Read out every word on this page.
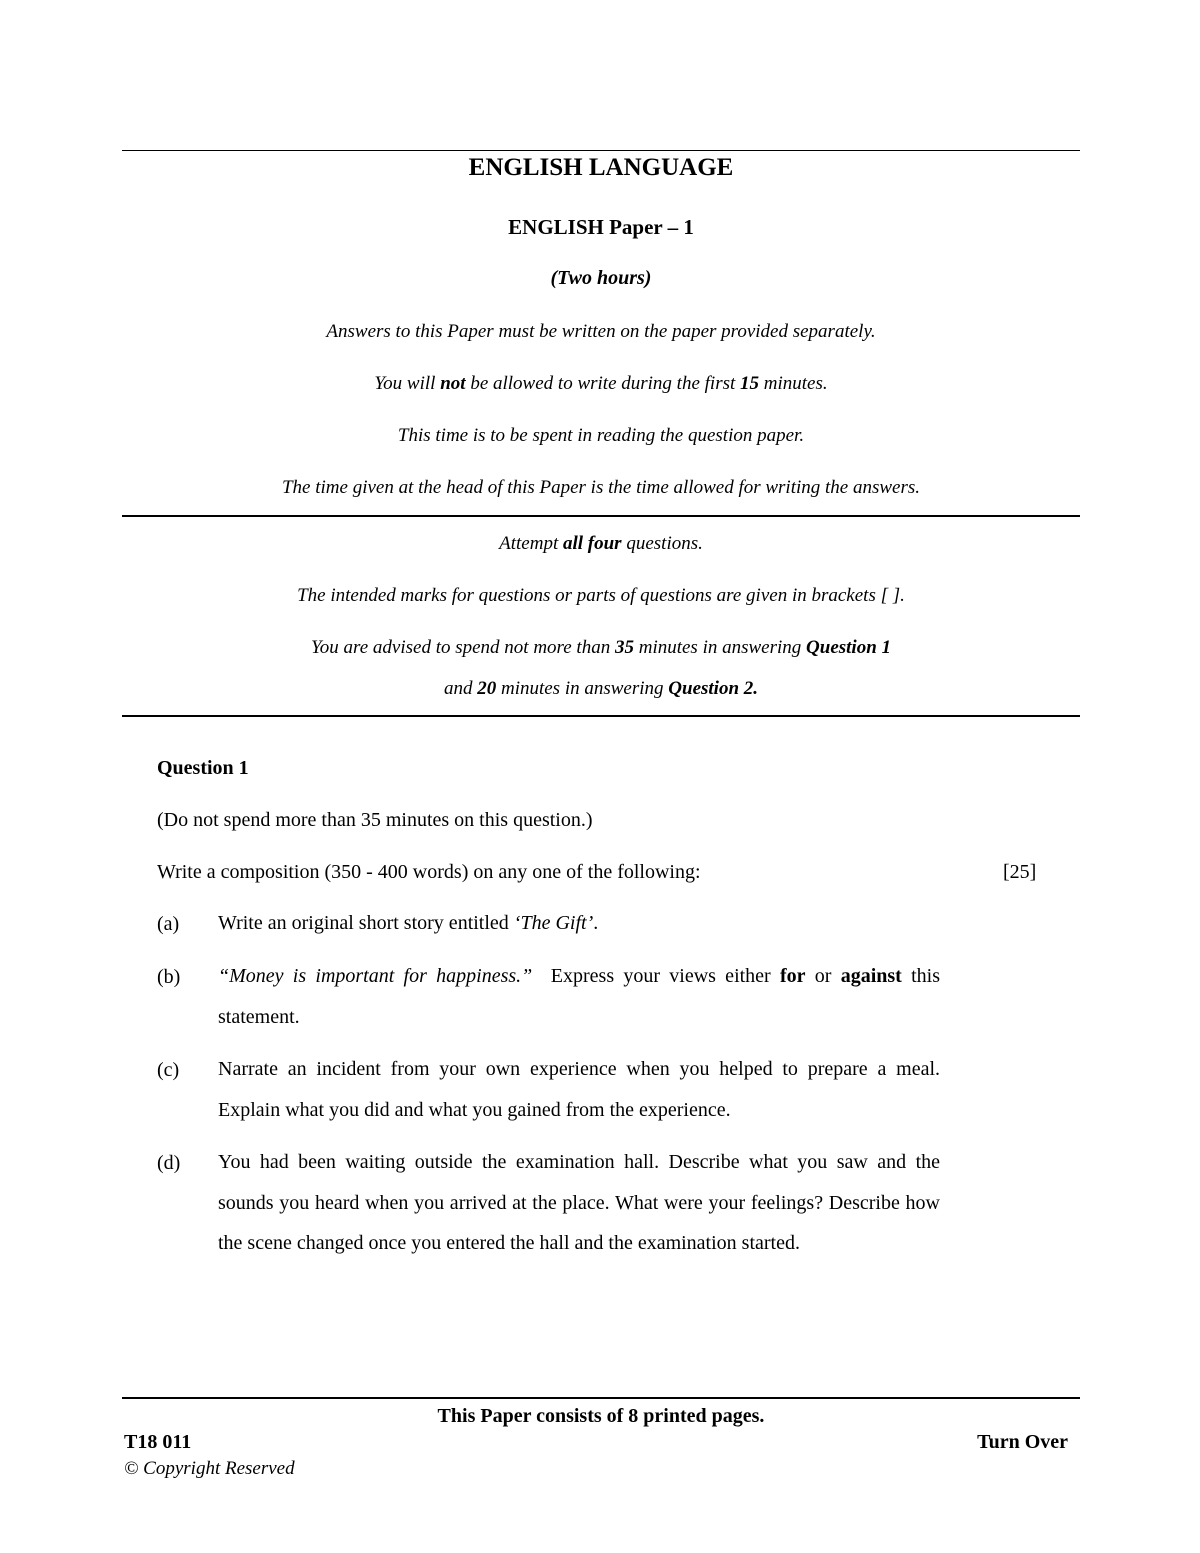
ENGLISH LANGUAGE
ENGLISH Paper – 1
(Two hours)
Answers to this Paper must be written on the paper provided separately.
You will not be allowed to write during the first 15 minutes.
This time is to be spent in reading the question paper.
The time given at the head of this Paper is the time allowed for writing the answers.
Attempt all four questions.
The intended marks for questions or parts of questions are given in brackets [ ].
You are advised to spend not more than 35 minutes in answering Question 1
and 20 minutes in answering Question 2.
Question 1
(Do not spend more than 35 minutes on this question.)
Write a composition (350 - 400 words) on any one of the following:	[25]
(a) Write an original short story entitled ‘The Gift’.
(b) “Money is important for happiness.”  Express your views either for or against this statement.
(c) Narrate an incident from your own experience when you helped to prepare a meal. Explain what you did and what you gained from the experience.
(d) You had been waiting outside the examination hall. Describe what you saw and the sounds you heard when you arrived at the place. What were your feelings? Describe how the scene changed once you entered the hall and the examination started.
This Paper consists of 8 printed pages.
T18 011	Turn Over
© Copyright Reserved
